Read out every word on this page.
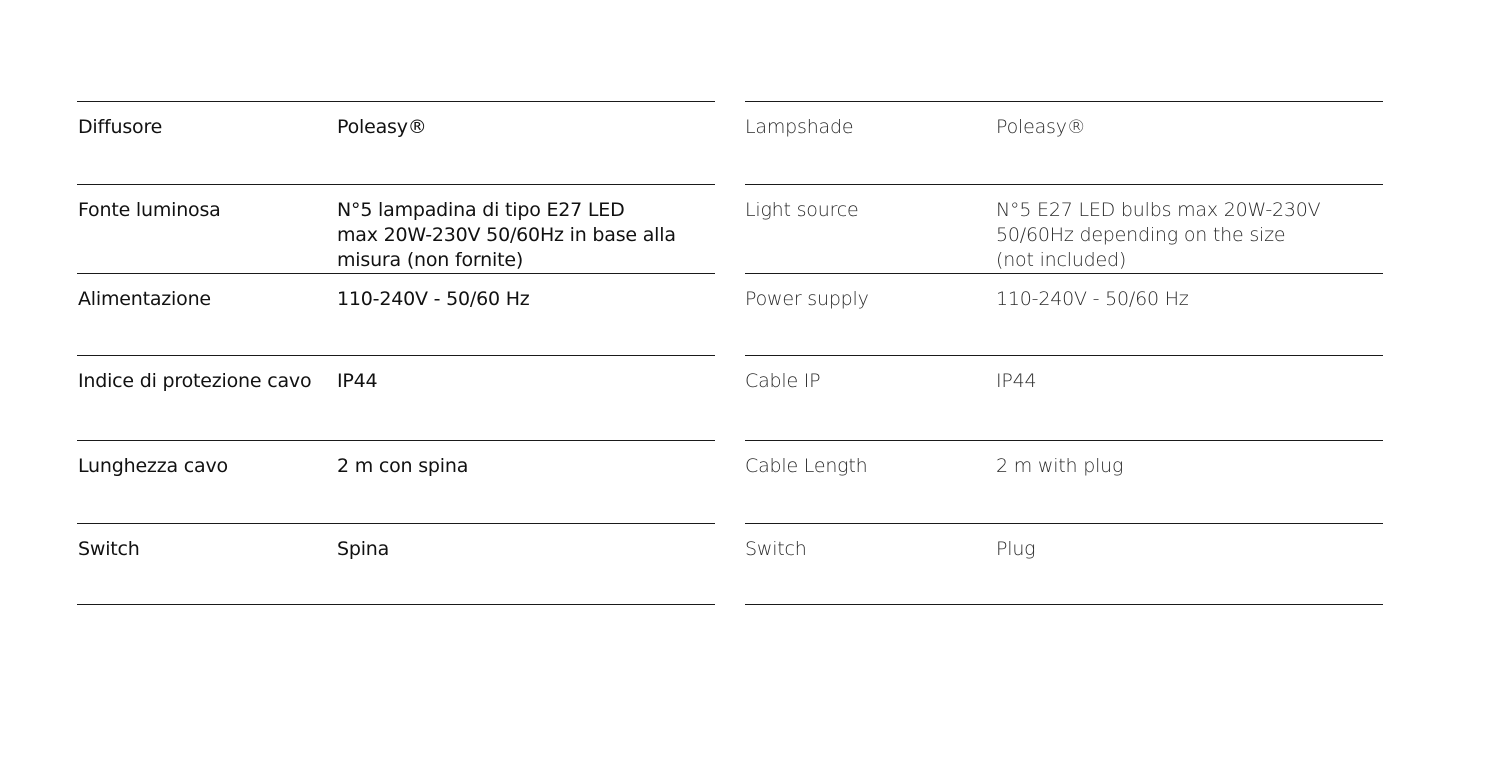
Diffusore	Poleasy®
Fonte luminosa	N°5 lampadina di tipo E27 LED
max 20W-230V 50/60Hz in base alla
misura (non fornite)
Alimentazione	110-240V - 50/60 Hz
Indice di protezione cavo IP44
Lunghezza cavo	2 m con spina
Switch	Spina
Lampshade	Poleasy®
Light source	N°5 E27 LED bulbs max 20W-230V
50/60Hz depending on the size
(not included)
Power supply	110-240V - 50/60 Hz
Cable IP	IP44
Cable Length	2 m with plug
Switch	Plug
